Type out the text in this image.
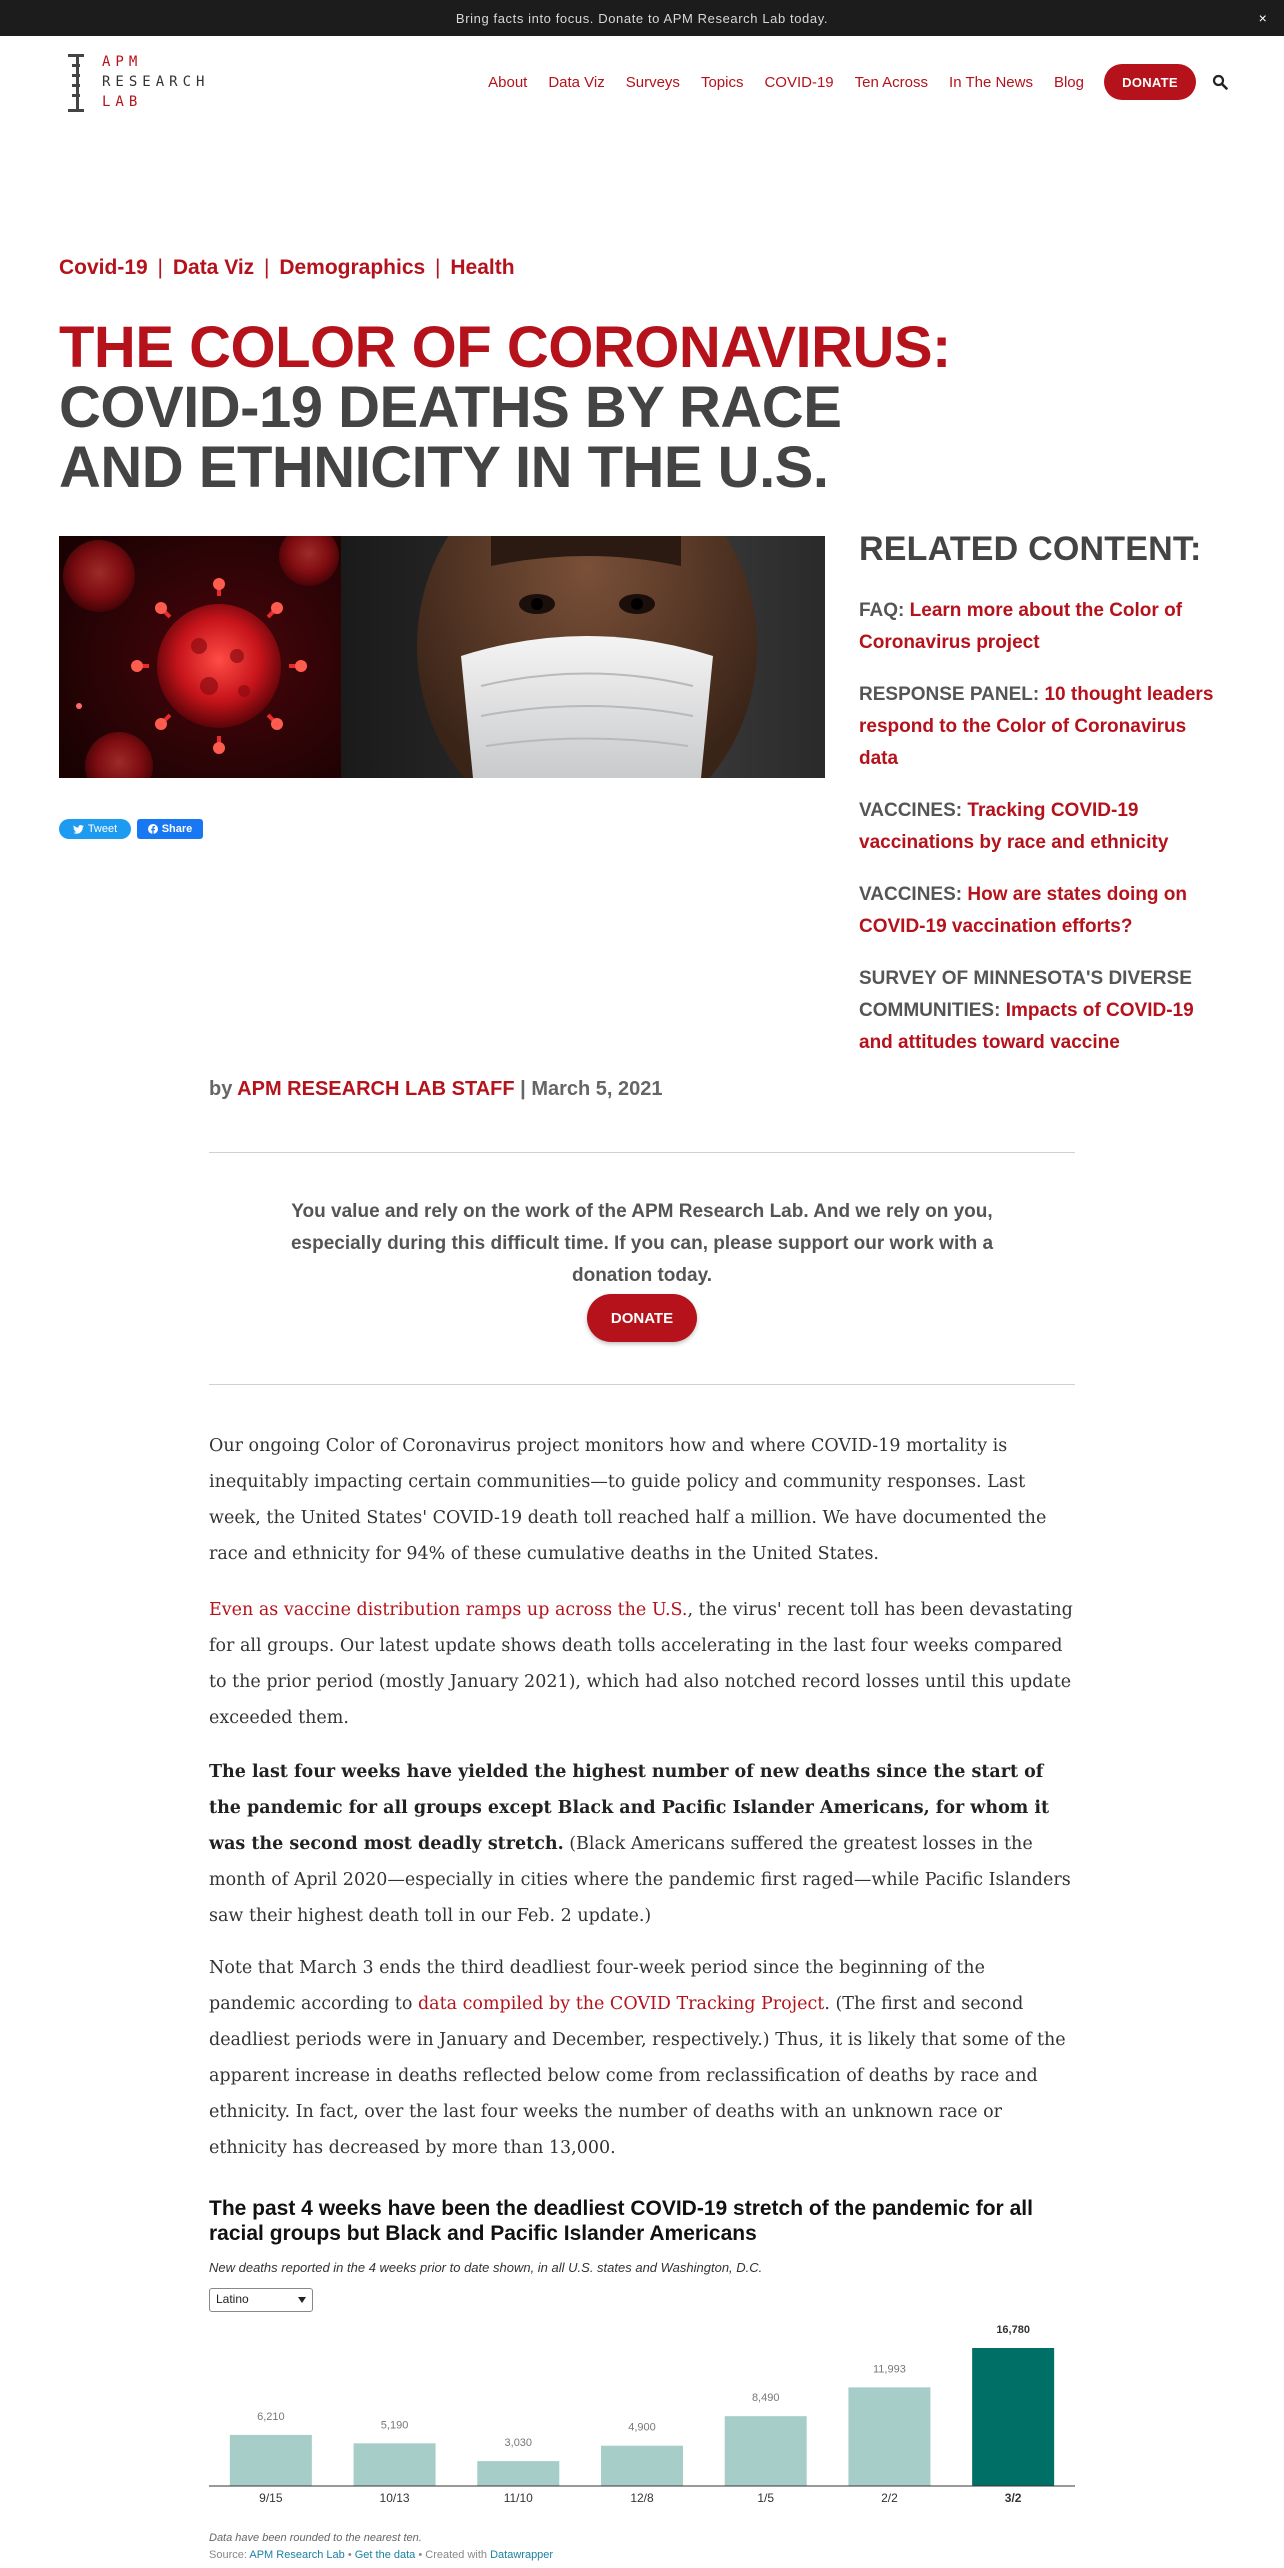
Bring facts into focus. Donate to APM Research Lab today.	×
APM
RESEARCH
LAB
About Data Viz Surveys Topics COVID-19 Ten Across In The News Blog	DONATE
Covid-19 | Data Viz | Demographics | Health
THE COLOR OF CORONAVIRUS:
COVID-19 DEATHS BY RACE AND ETHNICITY IN THE U.S.
Tweet	Share
RELATED CONTENT:
FAQ: Learn more about the Color of Coronavirus project
RESPONSE PANEL: 10 thought leaders respond to the Color of Coronavirus data
VACCINES: Tracking COVID-19 vaccinations by race and ethnicity
VACCINES: How are states doing on COVID-19 vaccination efforts?
SURVEY OF MINNESOTA'S DIVERSE COMMUNITIES: Impacts of COVID-19 and attitudes toward vaccine
by APM RESEARCH LAB STAFF | March 5, 2021
You value and rely on the work of the APM Research Lab. And we rely on you, especially during this difficult time. If you can, please support our work with a donation today.
DONATE

Our ongoing Color of Coronavirus project monitors how and where COVID-19 mortality is inequitably impacting certain communities—to guide policy and community responses. Last week, the United States' COVID-19 death toll reached half a million. We have documented the race and ethnicity for 94% of these cumulative deaths in the United States.

Even as vaccine distribution ramps up across the U.S., the virus' recent toll has been devastating for all groups. Our latest update shows death tolls accelerating in the last four weeks compared to the prior period (mostly January 2021), which had also notched record losses until this update exceeded them.

The last four weeks have yielded the highest number of new deaths since the start of the pandemic for all groups except Black and Pacific Islander Americans, for whom it was the second most deadly stretch. (Black Americans suffered the greatest losses in the month of April 2020—especially in cities where the pandemic first raged—while Pacific Islanders saw their highest death toll in our Feb. 2 update.)

Note that March 3 ends the third deadliest four-week period since the beginning of the pandemic according to data compiled by the COVID Tracking Project. (The first and second deadliest periods were in January and December, respectively.) Thus, it is likely that some of the apparent increase in deaths reflected below come from reclassification of deaths by race and ethnicity. In fact, over the last four weeks the number of deaths with an unknown race or ethnicity has decreased by more than 13,000.

The past 4 weeks have been the deadliest COVID-19 stretch of the pandemic for all racial groups but Black and Pacific Islander Americans
New deaths reported in the 4 weeks prior to date shown, in all U.S. states and Washington, D.C.
Latino
6,210
9/15
5,190
10/13
3,030
11/10
4,900
12/8
8,490
1/5
11,993
2/2
16,780
3/2
Data have been rounded to the nearest ten.
Source: APM Research Lab • Get the data • Created with Datawrapper
